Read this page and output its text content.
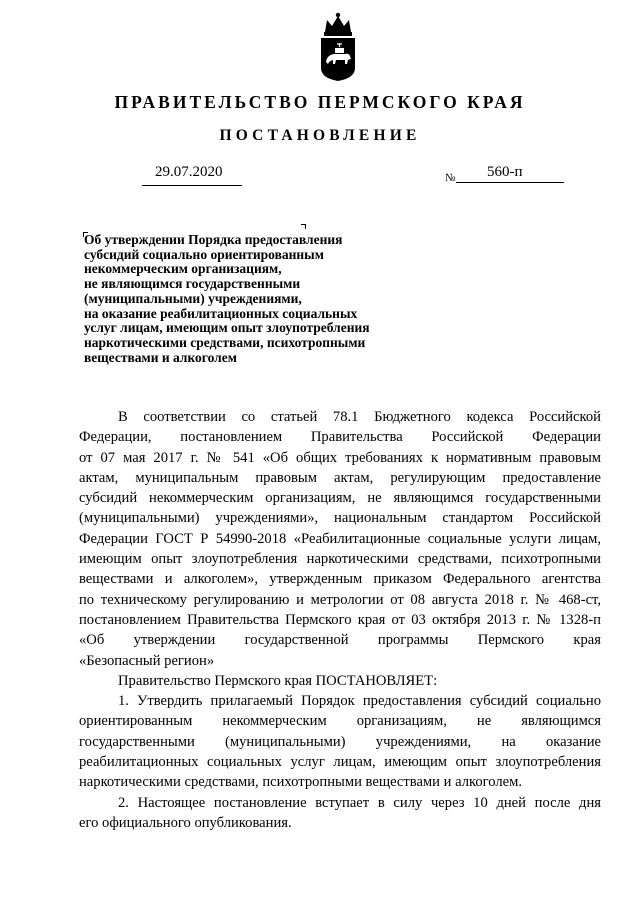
ПРАВИТЕЛЬСТВО ПЕРМСКОГО КРАЯ
ПОСТАНОВЛЕНИЕ
29.07.2020	№ 560-п
Об утверждении Порядка предоставления
субсидий социально ориентированным
некоммерческим организациям,
не являющимся государственными
(муниципальными) учреждениями,
на оказание реабилитационных социальных
услуг лицам, имеющим опыт злоупотребления
наркотическими средствами, психотропными
веществами и алкоголем
В соответствии со статьей 78.1 Бюджетного кодекса Российской
Федерации, постановлением Правительства Российской Федерации
от 07 мая 2017 г. № 541 «Об общих требованиях к нормативным правовым
актам, муниципальным правовым актам, регулирующим предоставление
субсидий некоммерческим организациям, не являющимся государственными
(муниципальными) учреждениями», национальным стандартом Российской
Федерации ГОСТ Р 54990-2018 «Реабилитационные социальные услуги лицам,
имеющим опыт злоупотребления наркотическими средствами, психотропными
веществами и алкоголем», утвержденным приказом Федерального агентства
по техническому регулированию и метрологии от 08 августа 2018 г. № 468-ст,
постановлением Правительства Пермского края от 03 октября 2013 г. № 1328-п
«Об утверждении государственной программы Пермского края
«Безопасный регион»
Правительство Пермского края ПОСТАНОВЛЯЕТ:
1. Утвердить прилагаемый Порядок предоставления субсидий социально
ориентированным некоммерческим организациям, не являющимся
государственными (муниципальными) учреждениями, на оказание
реабилитационных социальных услуг лицам, имеющим опыт злоупотребления
наркотическими средствами, психотропными веществами и алкоголем.
2. Настоящее постановление вступает в силу через 10 дней после дня
его официального опубликования.
